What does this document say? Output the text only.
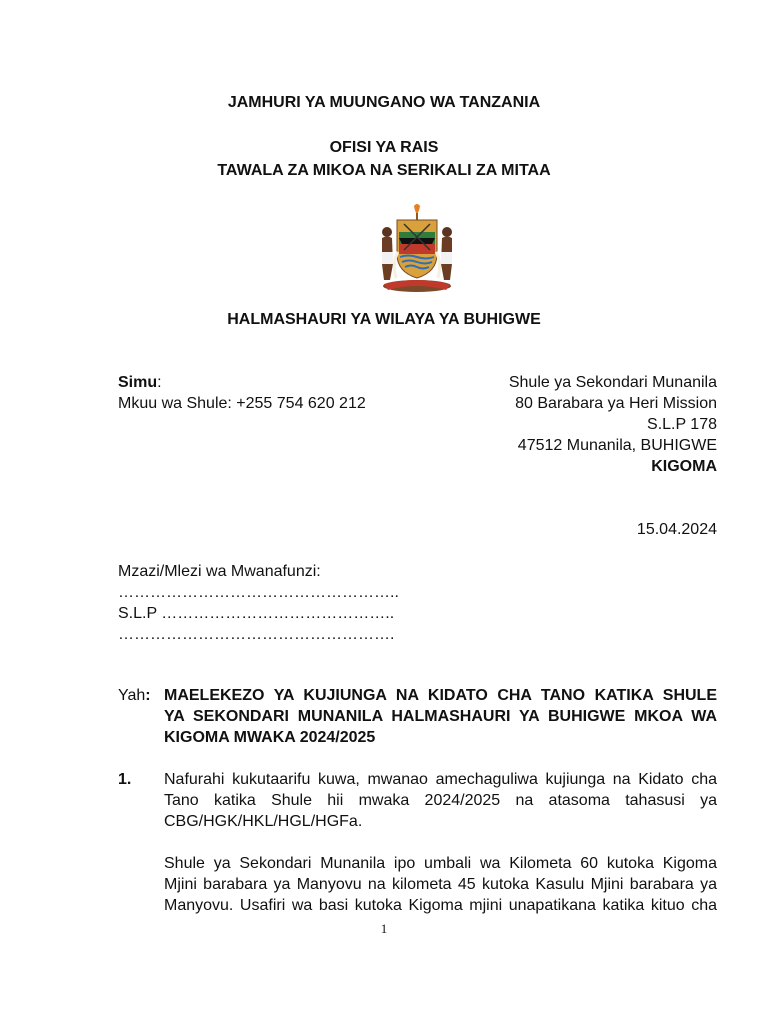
JAMHURI YA MUUNGANO WA TANZANIA
OFISI YA RAIS
TAWALA ZA MIKOA NA SERIKALI ZA MITAA
HALMASHAURI YA WILAYA YA BUHIGWE
Simu:
Mkuu wa Shule: +255 754 620 212
Shule ya Sekondari Munanila
80 Barabara ya Heri Mission
S.L.P 178
47512 Munanila, BUHIGWE
KIGOMA
15.04.2024
Mzazi/Mlezi wa Mwanafunzi:
……………………………………………..
S.L.P ……………………………………..
…………………………………………….
Yah: MAELEKEZO YA KUJIUNGA NA KIDATO CHA TANO KATIKA SHULE
YA SEKONDARI MUNANILA HALMASHAURI YA BUHIGWE MKOA WA
KIGOMA MWAKA 2024/2025
1. Nafurahi kukutaarifu kuwa, mwanao amechaguliwa kujiunga na Kidato cha
Tano katika Shule hii mwaka 2024/2025 na atasoma tahasusi ya
CBG/HGK/HKL/HGL/HGFa.
Shule ya Sekondari Munanila ipo umbali wa Kilometa 60 kutoka Kigoma
Mjini barabara ya Manyovu na kilometa 45 kutoka Kasulu Mjini barabara ya
Manyovu. Usafiri wa basi kutoka Kigoma mjini unapatikana katika kituo cha
1
